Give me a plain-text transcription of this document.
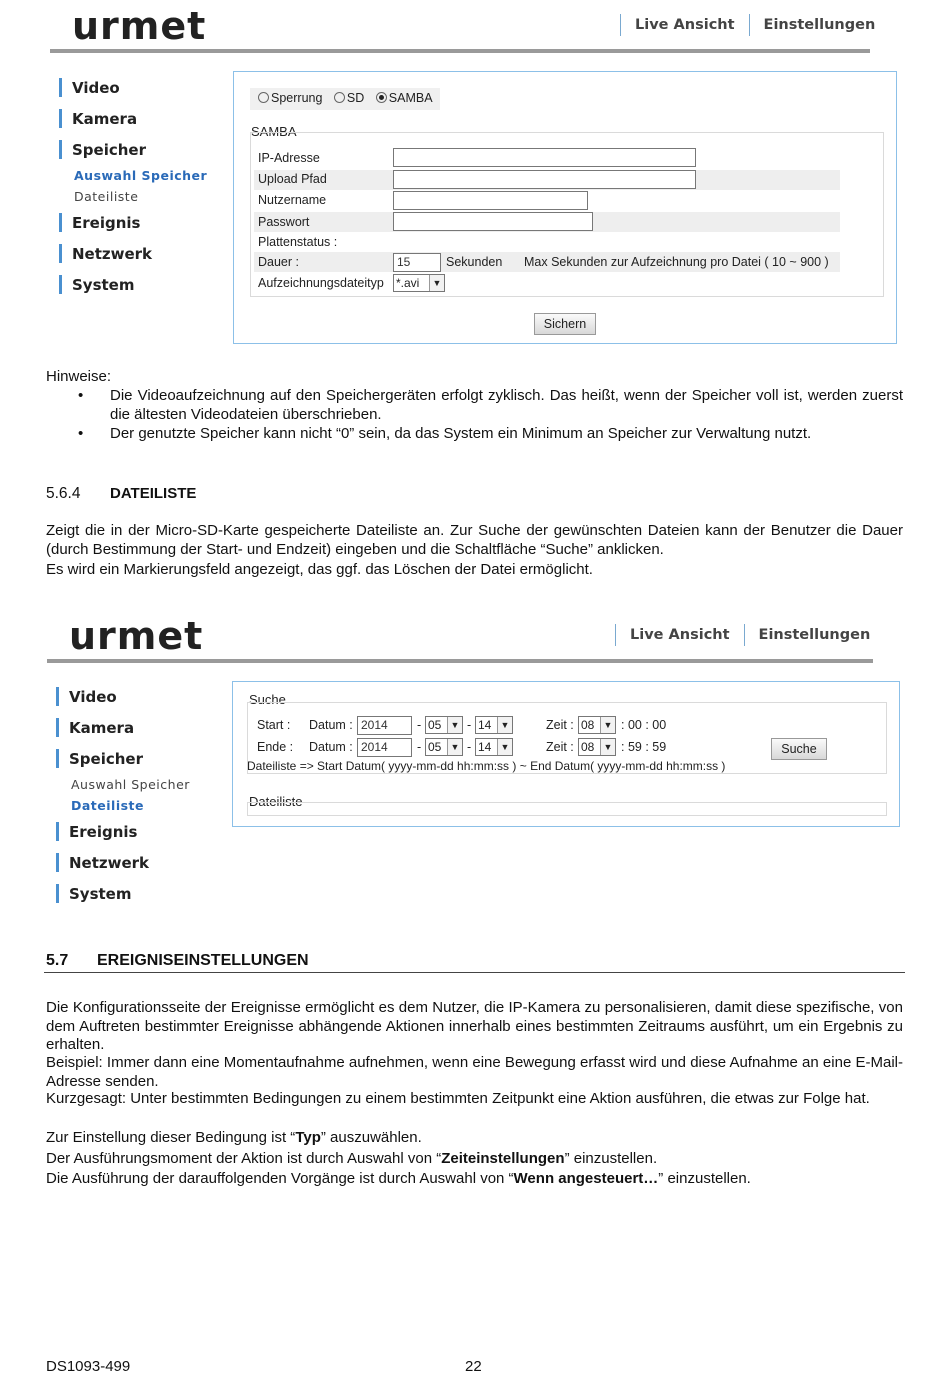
urmet	Live Ansicht Einstellungen
Video
Kamera
Speicher
Auswahl Speicher
Dateiliste
Ereignis
Netzwerk
System
Sperrung SD SAMBA
SAMBA
IP-Adresse
Upload Pfad
Nutzername
Passwort
Plattenstatus :
Dauer :	15	Sekunden Max Sekunden zur Aufzeichnung pro Datei ( 10 ~ 900 )
Aufzeichnungsdateityp *.avi	▼
Sichern
Hinweise:
• Die Videoaufzeichnung auf den Speichergeräten erfolgt zyklisch. Das heißt, wenn der Speicher voll ist, werden zuerst die ältesten Videodateien überschrieben.
• Der genutzte Speicher kann nicht “0” sein, da das System ein Minimum an Speicher zur Verwaltung nutzt.
5.6.4 DATEILISTE
Zeigt die in der Micro-SD-Karte gespeicherte Dateiliste an. Zur Suche der gewünschten Dateien kann der Benutzer die Dauer (durch Bestimmung der Start- und Endzeit) eingeben und die Schaltfläche “Suche” anklicken.
Es wird ein Markierungsfeld angezeigt, das ggf. das Löschen der Datei ermöglicht.
urmet	Live Ansicht Einstellungen
Video
Kamera
Speicher
Auswahl Speicher
Dateiliste
Ereignis
Netzwerk
System
Suche
Start : Datum : 2014	- 05	▼ - 14	▼	Zeit : 08	▼ : 00 : 00
Ende : Datum : 2014	- 05	▼ - 14	▼	Zeit : 08	▼ : 59 : 59	Suche
Dateiliste => Start Datum( yyyy-mm-dd hh:mm:ss ) ~ End Datum( yyyy-mm-dd hh:mm:ss )
Dateiliste
5.7 EREIGNISEINSTELLUNGEN
Die Konfigurationsseite der Ereignisse ermöglicht es dem Nutzer, die IP-Kamera zu personalisieren, damit diese spezifische, von dem Auftreten bestimmter Ereignisse abhängende Aktionen innerhalb eines bestimmten Zeitraums ausführt, um ein Ergebnis zu erhalten.
Beispiel: Immer dann eine Momentaufnahme aufnehmen, wenn eine Bewegung erfasst wird und diese Aufnahme an eine E-Mail-Adresse senden.
Kurzgesagt: Unter bestimmten Bedingungen zu einem bestimmten Zeitpunkt eine Aktion ausführen, die etwas zur Folge hat.
Zur Einstellung dieser Bedingung ist “Typ” auszuwählen.
Der Ausführungsmoment der Aktion ist durch Auswahl von “Zeiteinstellungen” einzustellen.
Die Ausführung der darauffolgenden Vorgänge ist durch Auswahl von “Wenn angesteuert…” einzustellen.
DS1093-499	22
